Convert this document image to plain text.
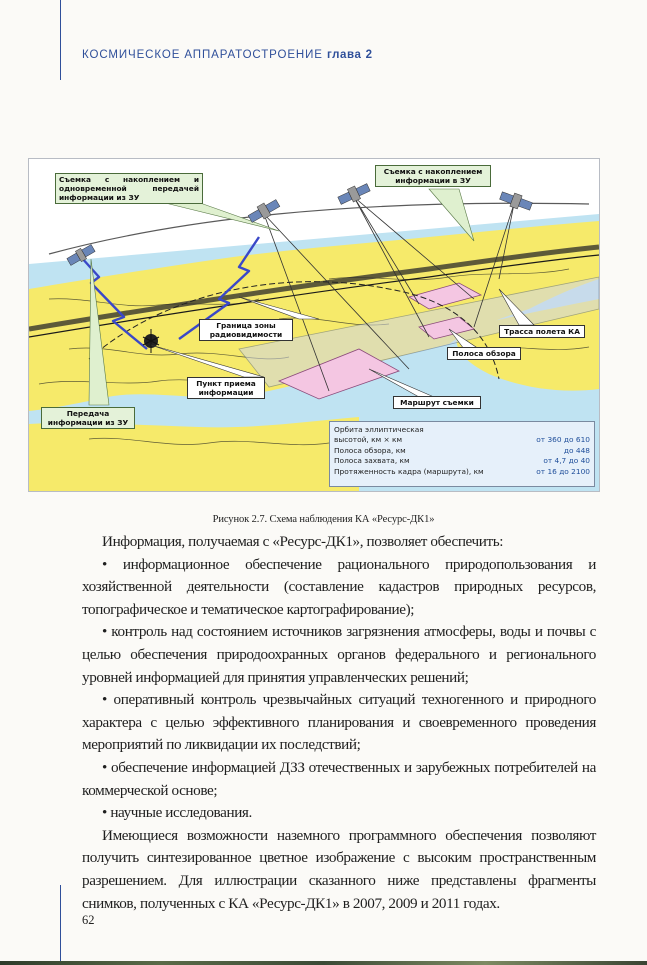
КОСМИЧЕСКОЕ АППАРАТОСТРОЕНИЕ глава 2
Съемка с накоплением и одновременной передачей информации из ЗУ
Съемка с накоплением информации в ЗУ
Граница зоны радиовидимости	Трасса полета КА
Полоса обзора
Пункт приема информации
Маршрут съемки
Передача информации из ЗУ
Орбита эллиптическая
высотой, км × км	от 360 до 610
Полоса обзора, км	до 448
Полоса захвата, км	от 4,7 до 40
Протяженность кадра (маршрута), км	от 16 до 2100
Рисунок 2.7. Схема наблюдения КА «Ресурс-ДК1»

Информация, получаемая с «Ресурс-ДК1», позволяет обеспечить:

• информационное обеспечение рационального природопользования и хозяйственной деятельности (составление кадастров природных ресурсов, топографическое и тематическое картографирование);

• контроль над состоянием источников загрязнения атмосферы, воды и почвы с целью обеспечения природоохранных органов федерального и регионального уровней информацией для принятия управленческих решений;

• оперативный контроль чрезвычайных ситуаций техногенного и природного характера с целью эффективного планирования и своевременного проведения мероприятий по ликвидации их последствий;

• обеспечение информацией ДЗЗ отечественных и зарубежных потребителей на коммерческой основе;

• научные исследования.

Имеющиеся возможности наземного программного обеспечения позволяют получить синтезированное цветное изображение с высоким пространственным разрешением. Для иллюстрации сказанного ниже представлены фрагменты снимков, полученных с КА «Ресурс-ДК1» в 2007, 2009 и 2011 годах.

62
